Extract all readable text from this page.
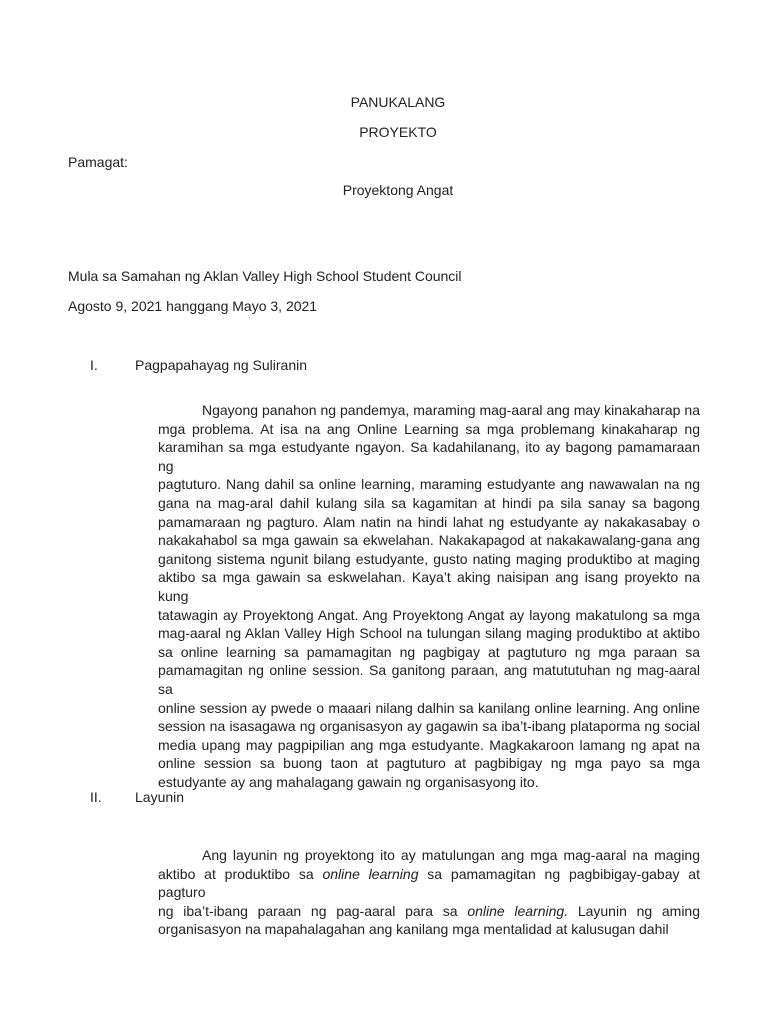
PANUKALANG
PROYEKTO
Pamagat:
Proyektong Angat
Mula sa Samahan ng Aklan Valley High School Student Council
Agosto 9, 2021 hanggang Mayo 3, 2021
I.	Pagpapahayag ng Suliranin
Ngayong panahon ng pandemya, maraming mag-aaral ang may kinakaharap na
mga problema. At isa na ang Online Learning sa mga problemang kinakaharap ng
karamihan sa mga estudyante ngayon. Sa kadahilanang, ito ay bagong pamamaraan ng
pagtuturo. Nang dahil sa online learning, maraming estudyante ang nawawalan na ng
gana na mag-aral dahil kulang sila sa kagamitan at hindi pa sila sanay sa bagong
pamamaraan ng pagturo. Alam natin na hindi lahat ng estudyante ay nakakasabay o
nakakahabol sa mga gawain sa ekwelahan. Nakakapagod at nakakawalang-gana ang
ganitong sistema ngunit bilang estudyante, gusto nating maging produktibo at maging
aktibo sa mga gawain sa eskwelahan. Kaya’t aking naisipan ang isang proyekto na kung
tatawagin ay Proyektong Angat. Ang Proyektong Angat ay layong makatulong sa mga
mag-aaral ng Aklan Valley High School na tulungan silang maging produktibo at aktibo
sa online learning sa pamamagitan ng pagbigay at pagtuturo ng mga paraan sa
pamamagitan ng online session. Sa ganitong paraan, ang matututuhan ng mag-aaral sa
online session ay pwede o maaari nilang dalhin sa kanilang online learning. Ang online
session na isasagawa ng organisasyon ay gagawin sa iba’t-ibang plataporma ng social
media upang may pagpipilian ang mga estudyante. Magkakaroon lamang ng apat na
online session sa buong taon at pagtuturo at pagbibigay ng mga payo sa mga
estudyante ay ang mahalagang gawain ng organisasyong ito.
II. Layunin
Ang layunin ng proyektong ito ay matulungan ang mga mag-aaral na maging
aktibo at produktibo sa online learning sa pamamagitan ng pagbibigay-gabay at pagturo
ng iba’t-ibang paraan ng pag-aaral para sa online learning. Layunin ng aming
organisasyon na mapahalagahan ang kanilang mga mentalidad at kalusugan dahil
